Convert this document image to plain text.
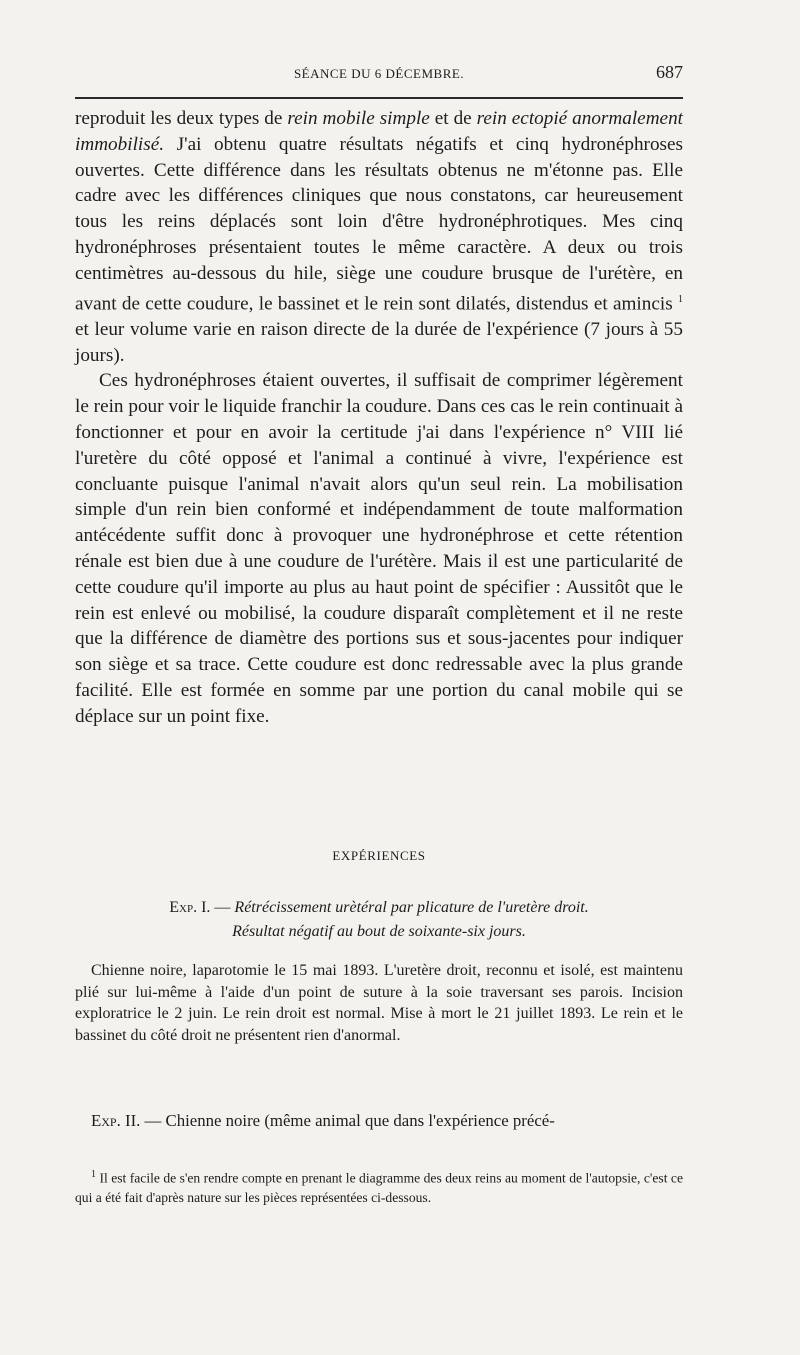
SÉANCE DU 6 DÉCEMBRE.	687

reproduit les deux types de rein mobile simple et de rein ectopié anormalement immobilisé. J'ai obtenu quatre résultats négatifs et cinq hydronéphroses ouvertes. Cette différence dans les résultats obtenus ne m'étonne pas. Elle cadre avec les différences cliniques que nous constatons, car heureusement tous les reins déplacés sont loin d'être hydronéphrotiques. Mes cinq hydronéphroses présentaient toutes le même caractère. A deux ou trois centimètres au-dessous du hile, siège une coudure brusque de l'urétère, en avant de cette coudure, le bassinet et le rein sont dilatés, distendus et amincis $^1$ et leur volume varie en raison directe de la durée de l'expérience (7 jours à 55 jours).

Ces hydronéphroses étaient ouvertes, il suffisait de comprimer légèrement le rein pour voir le liquide franchir la coudure. Dans ces cas le rein continuait à fonctionner et pour en avoir la certitude j'ai dans l'expérience n° VIII lié l'uretère du côté opposé et l'animal a continué à vivre, l'expérience est concluante puisque l'animal n'avait alors qu'un seul rein. La mobilisation simple d'un rein bien conformé et indépendamment de toute malformation antécédente suffit donc à provoquer une hydronéphrose et cette rétention rénale est bien due à une coudure de l'urétère. Mais il est une particularité de cette coudure qu'il importe au plus au haut point de spécifier : Aussitôt que le rein est enlevé ou mobilisé, la coudure disparaît complètement et il ne reste que la différence de diamètre des portions sus et sous-jacentes pour indiquer son siège et sa trace. Cette coudure est donc redressable avec la plus grande facilité. Elle est formée en somme par une portion du canal mobile qui se déplace sur un point fixe.

EXPÉRIENCES
Exp. I. — Rétrécissement urètéral par plicature de l'uretère droit.
Résultat négatif au bout de soixante-six jours.
Chienne noire, laparotomie le 15 mai 1893. L'uretère droit, reconnu et isolé, est maintenu plié sur lui-même à l'aide d'un point de suture à la soie traversant ses parois. Incision exploratrice le 2 juin. Le rein droit est normal. Mise à mort le 21 juillet 1893. Le rein et le bassinet du côté droit ne présentent rien d'anormal.
Exp. II. — Chienne noire (même animal que dans l'expérience précé-
$^1$ Il est facile de s'en rendre compte en prenant le diagramme des deux reins au moment de l'autopsie, c'est ce qui a été fait d'après nature sur les pièces représentées ci-dessous.
